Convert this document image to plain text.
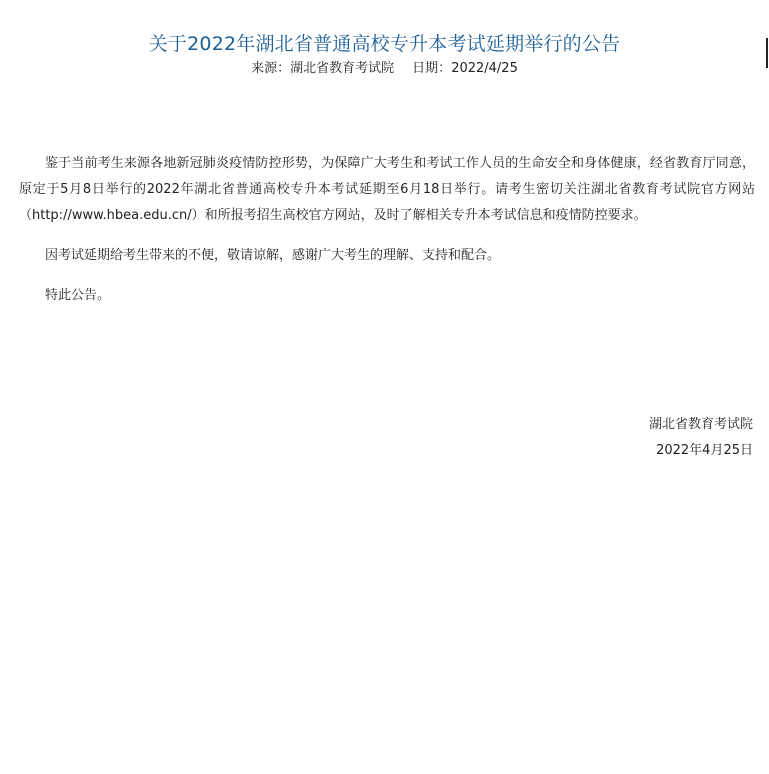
关于2022年湖北省普通高校专升本考试延期举行的公告
来源：湖北省教育考试院 日期：2022/4/25

鉴于当前考生来源各地新冠肺炎疫情防控形势，为保障广大考生和考试工作人员的生命安全和身体健康，经省教育厅同意，原定于5月8日举行的2022年湖北省普通高校专升本考试延期至6月18日举行。请考生密切关注湖北省教育考试院官方网站（http://www.hbea.edu.cn/）和所报考招生高校官方网站，及时了解相关专升本考试信息和疫情防控要求。

因考试延期给考生带来的不便，敬请谅解，感谢广大考生的理解、支持和配合。

特此公告。

湖北省教育考试院
2022年4月25日
